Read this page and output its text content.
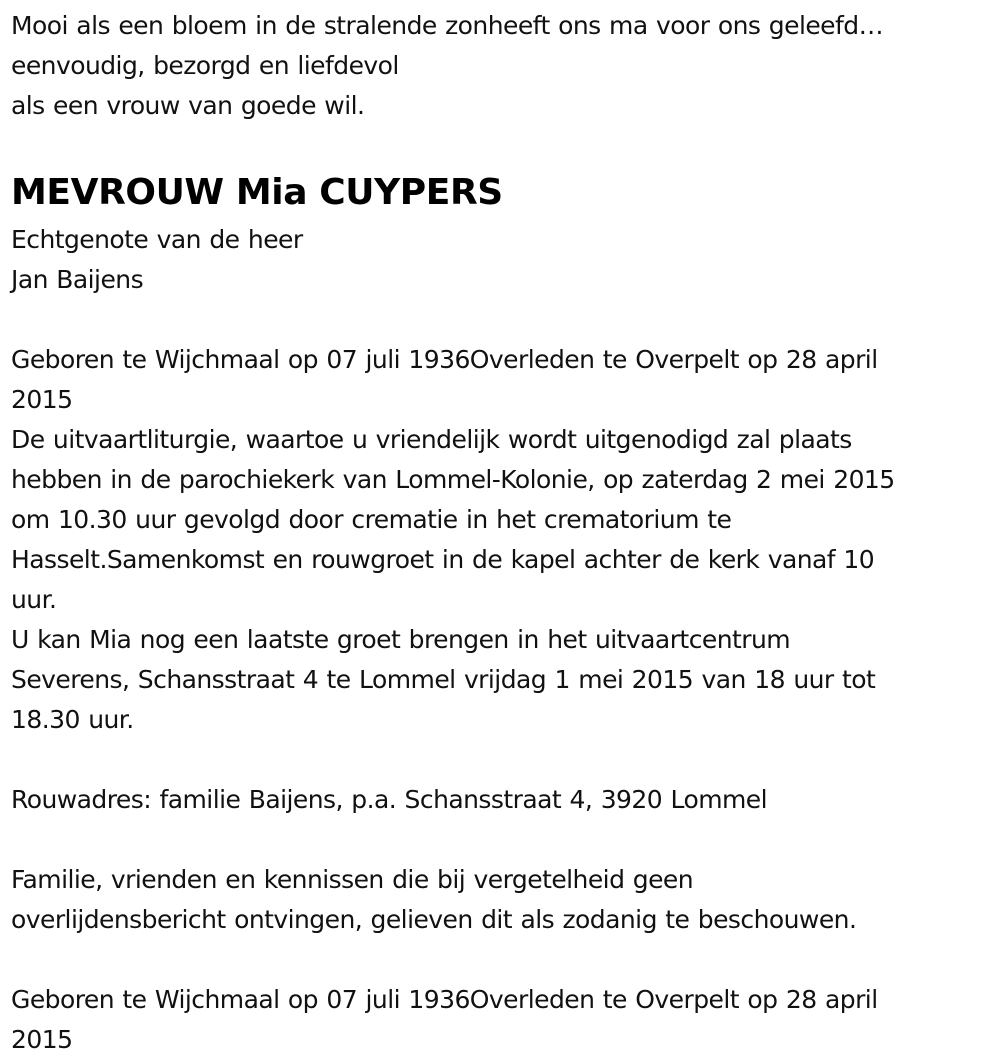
Mooi als een bloem in de stralende zonheeft ons ma voor ons geleefd…
eenvoudig, bezorgd en liefdevol
als een vrouw van goede wil.
MEVROUW Mia CUYPERS
Echtgenote van de heer
Jan Baijens
Geboren te Wijchmaal op 07 juli 1936Overleden te Overpelt op 28 april
2015
De uitvaartliturgie, waartoe u vriendelijk wordt uitgenodigd zal plaats
hebben in de parochiekerk van Lommel-Kolonie, op zaterdag 2 mei 2015
om 10.30 uur gevolgd door crematie in het crematorium te
Hasselt.Samenkomst en rouwgroet in de kapel achter de kerk vanaf 10
uur.
U kan Mia nog een laatste groet brengen in het uitvaartcentrum
Severens, Schansstraat 4 te Lommel vrijdag 1 mei 2015 van 18 uur tot
18.30 uur.
Rouwadres: familie Baijens, p.a. Schansstraat 4, 3920 Lommel
Familie, vrienden en kennissen die bij vergetelheid geen
overlijdensbericht ontvingen, gelieven dit als zodanig te beschouwen.
Geboren te Wijchmaal op 07 juli 1936Overleden te Overpelt op 28 april
2015
